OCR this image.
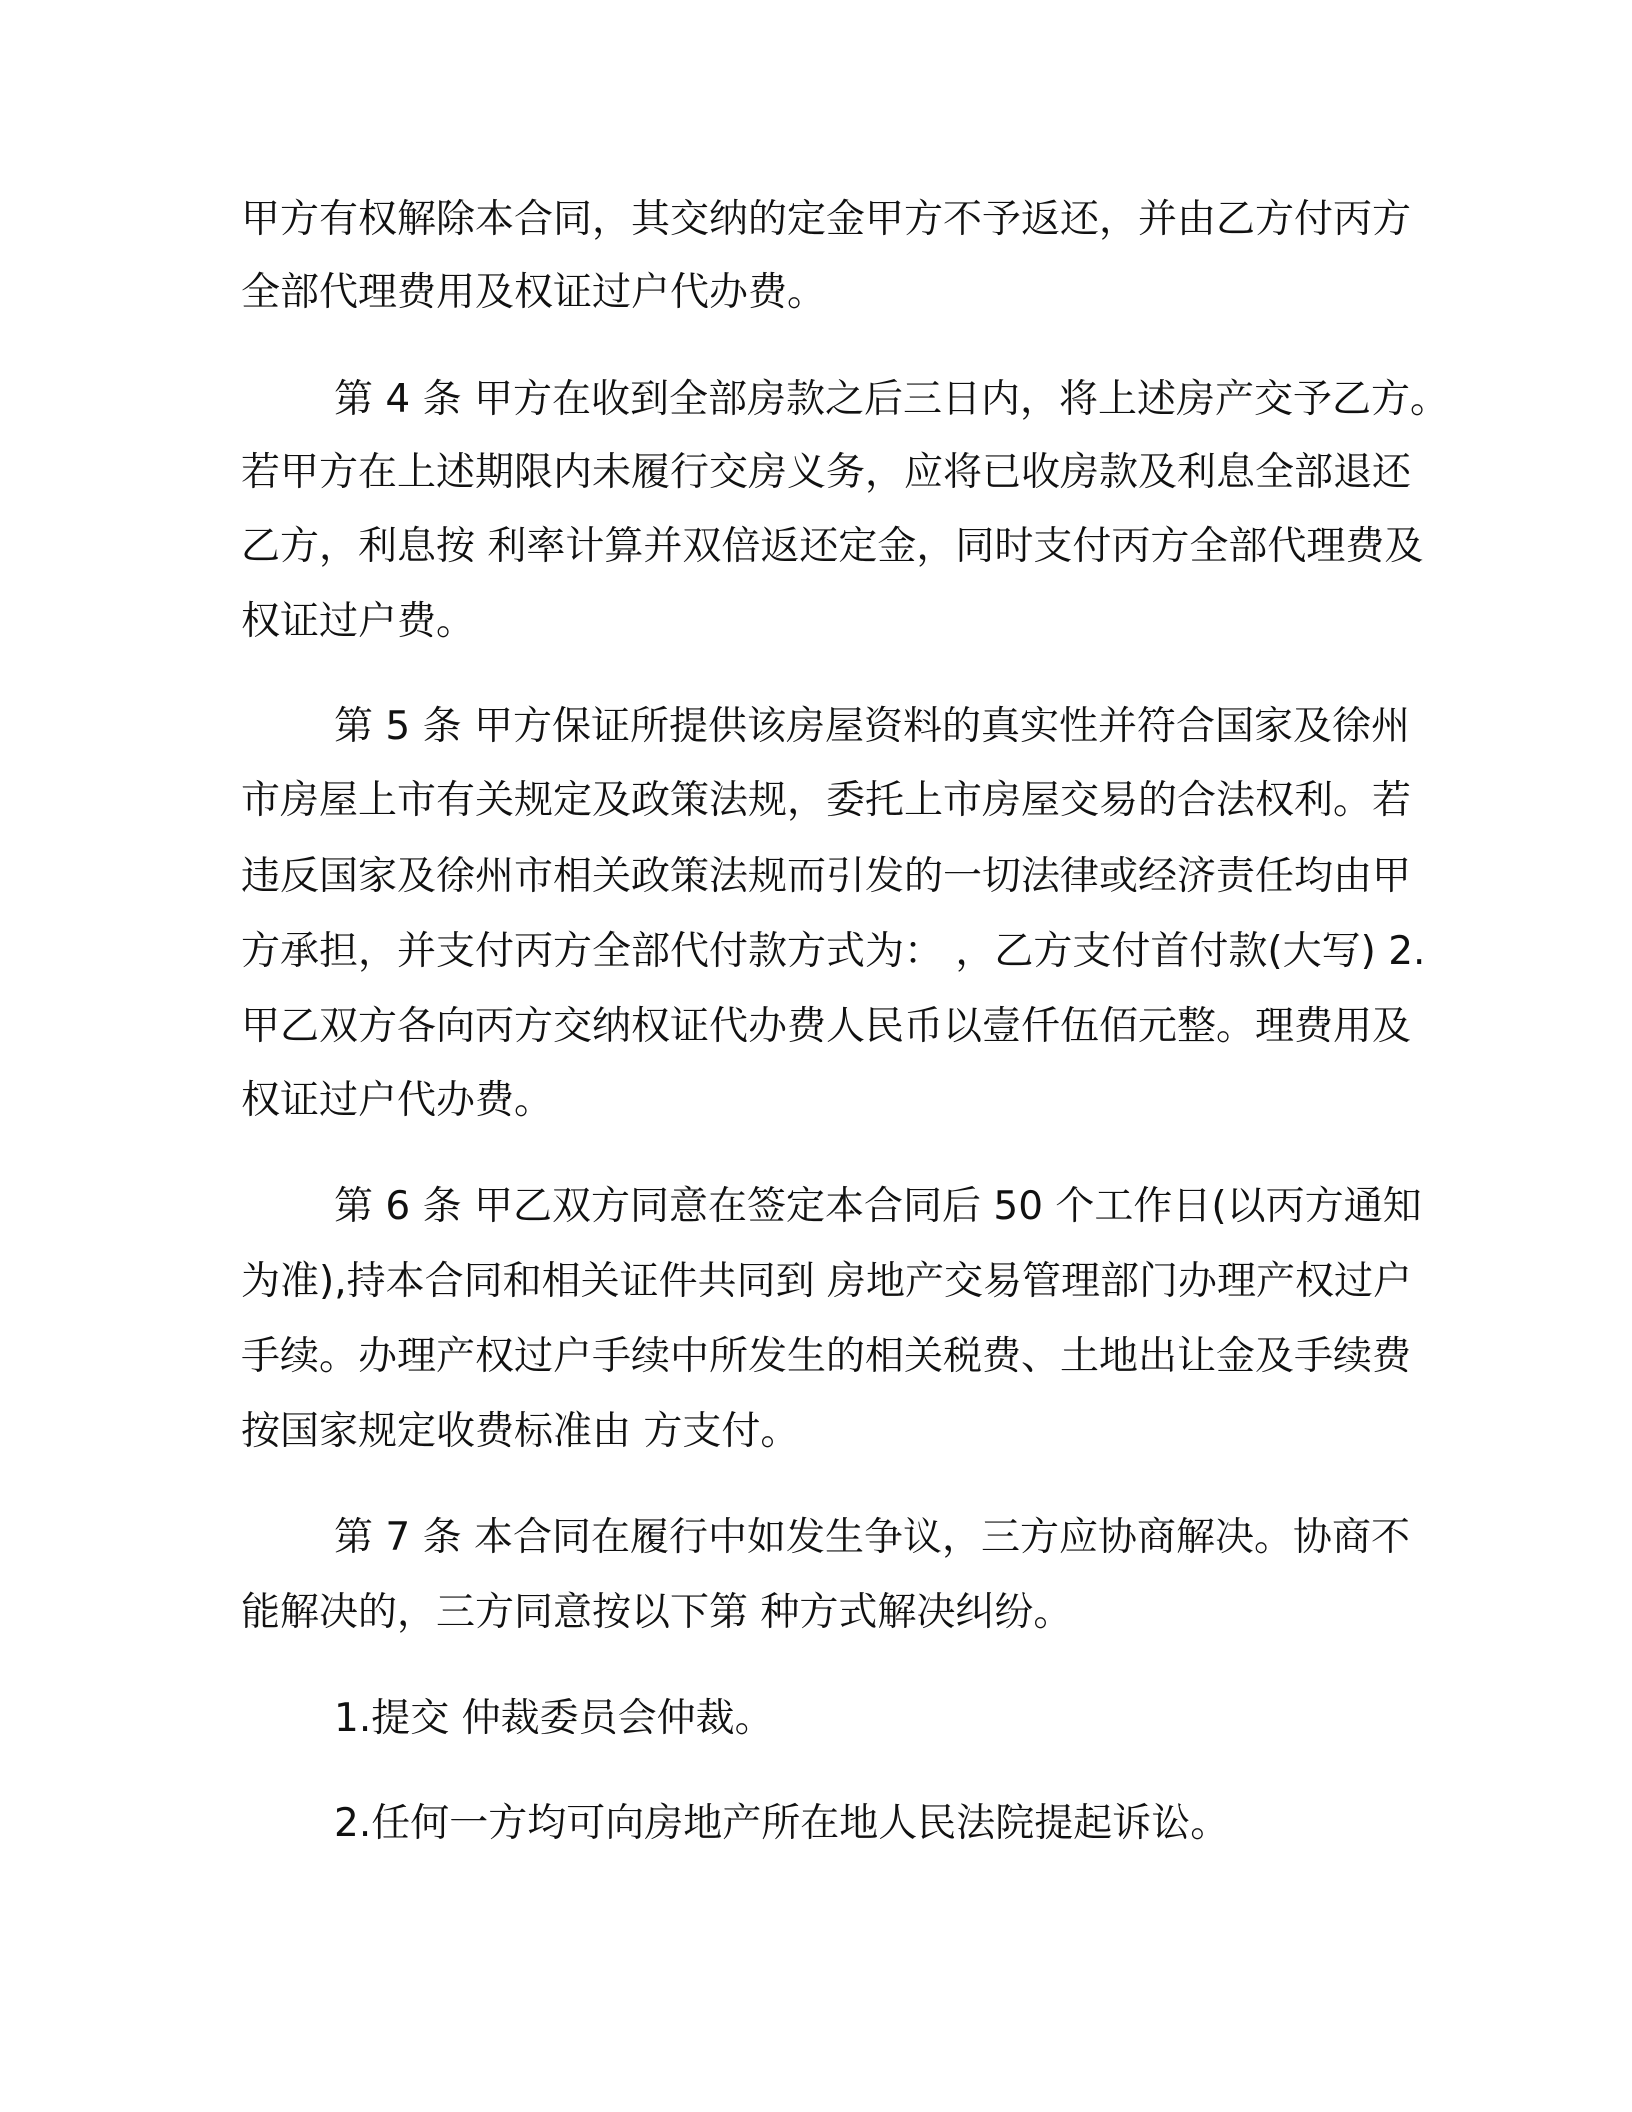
甲方有权解除本合同，其交纳的定金甲方不予返还，并由乙方付丙方

全部代理费用及权证过户代办费。

第 4 条 甲方在收到全部房款之后三日内，将上述房产交予乙方。

若甲方在上述期限内未履行交房义务，应将已收房款及利息全部退还

乙方，利息按 利率计算并双倍返还定金，同时支付丙方全部代理费及

权证过户费。

第 5 条 甲方保证所提供该房屋资料的真实性并符合国家及徐州

市房屋上市有关规定及政策法规，委托上市房屋交易的合法权利。若

违反国家及徐州市相关政策法规而引发的一切法律或经济责任均由甲

方承担，并支付丙方全部代付款方式为： ，乙方支付首付款(大写) 2.

甲乙双方各向丙方交纳权证代办费人民币以壹仟伍佰元整。理费用及

权证过户代办费。

第 6 条 甲乙双方同意在签定本合同后 50 个工作日(以丙方通知

为准),持本合同和相关证件共同到 房地产交易管理部门办理产权过户

手续。办理产权过户手续中所发生的相关税费、土地出让金及手续费

按国家规定收费标准由 方支付。

第 7 条 本合同在履行中如发生争议，三方应协商解决。协商不

能解决的，三方同意按以下第 种方式解决纠纷。

1.提交 仲裁委员会仲裁。

2.任何一方均可向房地产所在地人民法院提起诉讼。
